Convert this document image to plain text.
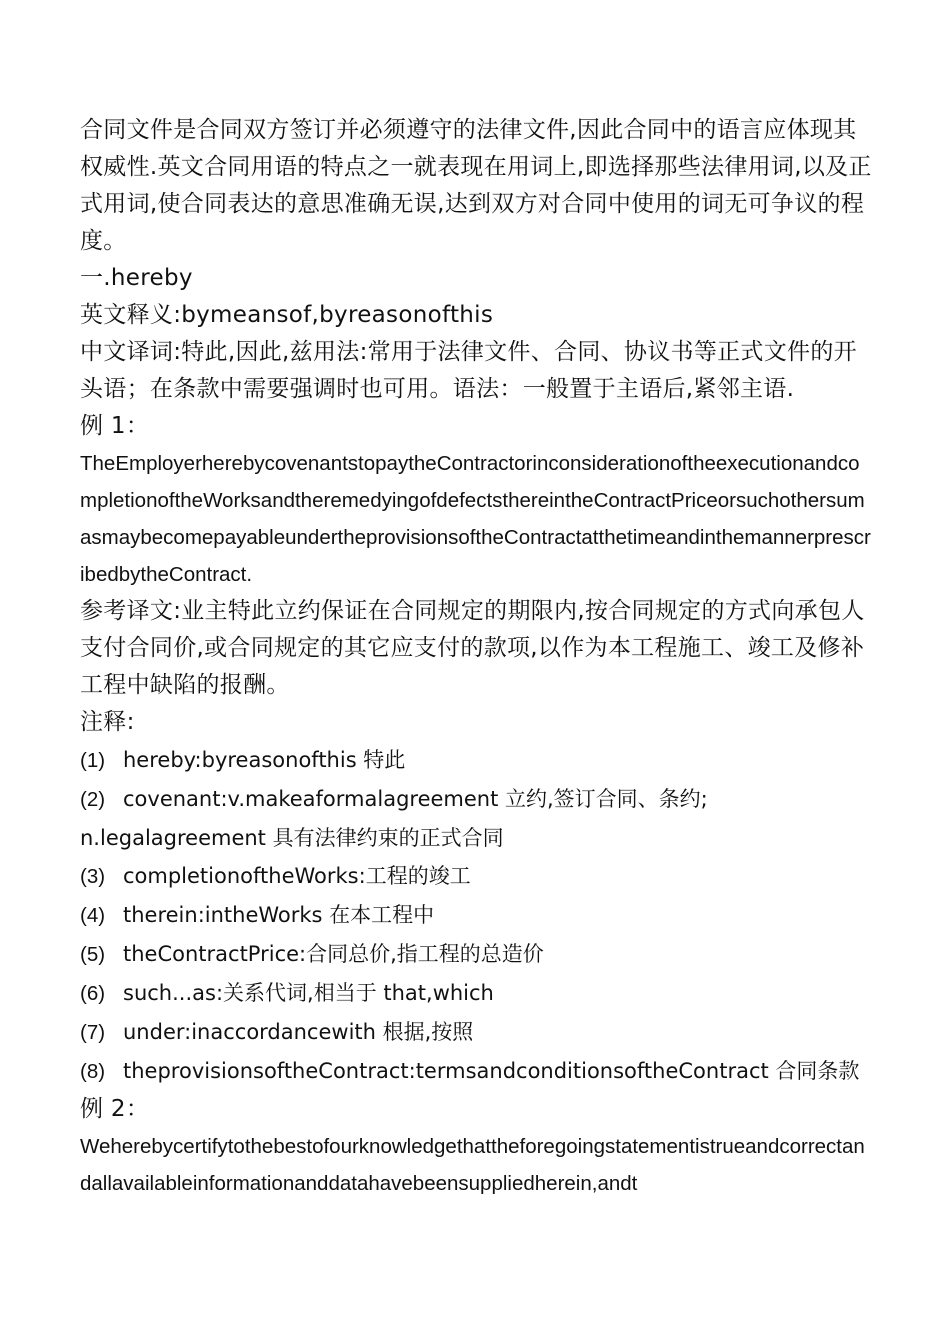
合同文件是合同双方签订并必须遵守的法律文件,因此合同中的语言应体现其权威性.英文合同用语的特点之一就表现在用词上,即选择那些法律用词,以及正式用词,使合同表达的意思准确无误,达到双方对合同中使用的词无可争议的程度。
一.hereby
英文释义:bymeansof,byreasonofthis
中文译词:特此,因此,兹用法:常用于法律文件、合同、协议书等正式文件的开头语；在条款中需要强调时也可用。语法：一般置于主语后,紧邻主语.
例 1：
TheEmployerherebycovenantstopaytheContractorinconsiderationoftheexecutionandcompletionoftheWorksandtheremedyingofdefectsthereintheContractPriceorsuchothersumasmaybecomepayableundertheprovisionsoftheContractatthetimeandinthemannerprescribedbytheContract.
参考译文:业主特此立约保证在合同规定的期限内,按合同规定的方式向承包人支付合同价,或合同规定的其它应支付的款项,以作为本工程施工、竣工及修补工程中缺陷的报酬。
注释:
(1) hereby:byreasonofthis 特此
(2) covenant:v.makeaformalagreement 立约,签订合同、条约; n.legalagreement 具有法律约束的正式合同
(3) completionoftheWorks:工程的竣工
(4) therein:intheWorks 在本工程中
(5) theContractPrice:合同总价,指工程的总造价
(6) such...as:关系代词,相当于 that,which
(7) under:inaccordancewith 根据,按照
(8) theprovisionsoftheContract:termsandconditionsoftheContract 合同条款
例 2：
Weherebycertifytothebestofourknowledgethattheforegoingstatementistrueandcorrectandallavailableinformationanddatahavebeensuppliedherein,andt
